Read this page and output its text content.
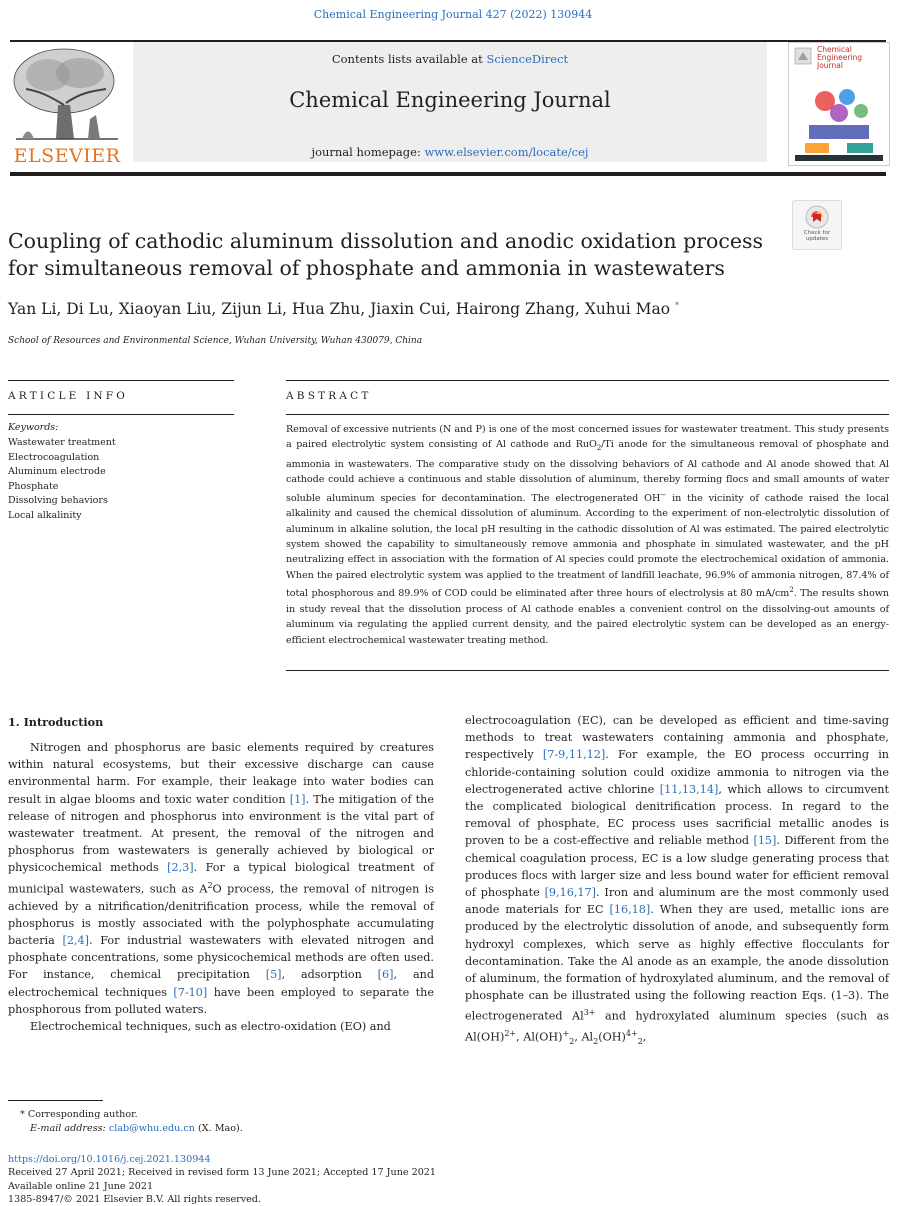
Chemical Engineering Journal 427 (2022) 130944
ELSEVIER
Contents lists available at ScienceDirect
Chemical Engineering Journal
journal homepage: www.elsevier.com/locate/cej
Chemical
Engineering
Journal
Check for
updates
Coupling of cathodic aluminum dissolution and anodic oxidation process
for simultaneous removal of phosphate and ammonia in wastewaters
Yan Li, Di Lu, Xiaoyan Liu, Zijun Li, Hua Zhu, Jiaxin Cui, Hairong Zhang, Xuhui Mao *
School of Resources and Environmental Science, Wuhan University, Wuhan 430079, China
ARTICLE INFO	ABSTRACT
Keywords:
Wastewater treatment
Electrocoagulation
Aluminum electrode
Phosphate
Dissolving behaviors
Local alkalinity
Removal of excessive nutrients (N and P) is one of the most concerned issues for wastewater treatment. This study presents a paired electrolytic system consisting of Al cathode and RuO$_2$/Ti anode for the simultaneous removal of phosphate and ammonia in wastewaters. The comparative study on the dissolving behaviors of Al cathode and Al anode showed that Al cathode could achieve a continuous and stable dissolution of aluminum, thereby forming flocs and small amounts of water soluble aluminum species for decontamination. The electrogenerated OH− in the vicinity of cathode raised the local alkalinity and caused the chemical dissolution of aluminum. According to the experiment of non-electrolytic dissolution of aluminum in alkaline solution, the local pH resulting in the cathodic dissolution of Al was estimated. The paired electrolytic system showed the capability to simultaneously remove ammonia and phosphate in simulated wastewater, and the pH neutralizing effect in association with the formation of Al species could promote the electrochemical oxidation of ammonia. When the paired electrolytic system was applied to the treatment of landfill leachate, 96.9% of ammonia nitrogen, 87.4% of total phosphorous and 89.9% of COD could be eliminated after three hours of electrolysis at 80 $mA/cm^2$. The results shown in study reveal that the dissolution process of Al cathode enables a convenient control on the dissolving-out amounts of aluminum via regulating the applied current density, and the paired electrolytic system can be developed as an energy-efficient electrochemical wastewater treating method.
1. Introduction

Nitrogen and phosphorus are basic elements required by creatures within natural ecosystems, but their excessive discharge can cause environmental harm. For example, their leakage into water bodies can result in algae blooms and toxic water condition [1]. The mitigation of the release of nitrogen and phosphorus into environment is the vital part of wastewater treatment. At present, the removal of the nitrogen and phosphorus from wastewaters is generally achieved by biological or physicochemical methods [2,3]. For a typical biological treatment of municipal wastewaters, such as $A^2O$ process, the removal of nitrogen is achieved by a nitrification/denitrification process, while the removal of phosphorus is mostly associated with the polyphosphate accumulating bacteria [2,4]. For industrial wastewaters with elevated nitrogen and phosphate concentrations, some physicochemical methods are often used. For instance, chemical precipitation [5], adsorption [6], and electrochemical techniques [7-10] have been employed to separate the phosphorous from polluted waters.

Electrochemical techniques, such as electro-oxidation (EO) and

electrocoagulation (EC), can be developed as efficient and time-saving methods to treat wastewaters containing ammonia and phosphate, respectively [7-9,11,12]. For example, the EO process occurring in chloride-containing solution could oxidize ammonia to nitrogen via the electrogenerated active chlorine [11,13,14], which allows to circumvent the complicated biological denitrification process. In regard to the removal of phosphate, EC process uses sacrificial metallic anodes is proven to be a cost-effective and reliable method [15]. Different from the chemical coagulation process, EC is a low sludge generating process that produces flocs with larger size and less bound water for efficient removal of phosphate [9,16,17]. Iron and aluminum are the most commonly used anode materials for EC [16,18]. When they are used, metallic ions are produced by the electrolytic dissolution of anode, and subsequently form hydroxyl complexes, which serve as highly effective flocculants for decontamination. Take the Al anode as an example, the anode dissolution of aluminum, the formation of hydroxylated aluminum, and the removal of phosphate can be illustrated using the following reaction Eqs. (1–3). The electrogenerated $Al^{3+}$ and hydroxylated aluminum species (such as Al(OH)$^{2+}$, $Al(OH)^+_2$, $Al_2(OH)^{4+}_2$,

* Corresponding author.
E-mail address: clab@whu.edu.cn (X. Mao).
https://doi.org/10.1016/j.cej.2021.130944
Received 27 April 2021; Received in revised form 13 June 2021; Accepted 17 June 2021
Available online 21 June 2021
1385-8947/© 2021 Elsevier B.V. All rights reserved.
